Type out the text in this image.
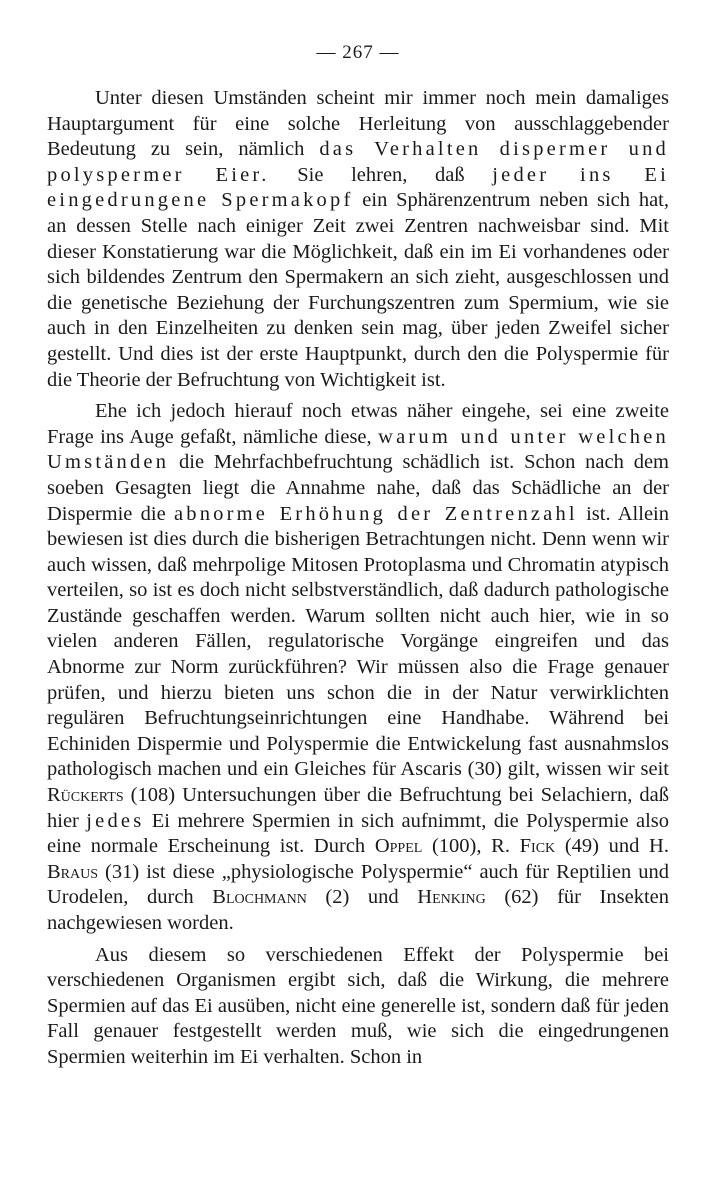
— 267 —

Unter diesen Umständen scheint mir immer noch mein damaliges Hauptargument für eine solche Herleitung von ausschlaggebender Bedeutung zu sein, nämlich das Verhalten dispermer und polyspermer Eier. Sie lehren, daß jeder ins Ei eingedrungene Spermakopf ein Sphärenzentrum neben sich hat, an dessen Stelle nach einiger Zeit zwei Zentren nachweisbar sind. Mit dieser Konstatierung war die Möglichkeit, daß ein im Ei vorhandenes oder sich bildendes Zentrum den Spermakern an sich zieht, ausgeschlossen und die genetische Beziehung der Furchungszentren zum Spermium, wie sie auch in den Einzelheiten zu denken sein mag, über jeden Zweifel sicher gestellt. Und dies ist der erste Hauptpunkt, durch den die Polyspermie für die Theorie der Befruchtung von Wichtigkeit ist.

Ehe ich jedoch hierauf noch etwas näher eingehe, sei eine zweite Frage ins Auge gefaßt, nämliche diese, warum und unter welchen Umständen die Mehrfachbefruchtung schädlich ist. Schon nach dem soeben Gesagten liegt die Annahme nahe, daß das Schädliche an der Dispermie die abnorme Erhöhung der Zentrenzahl ist. Allein bewiesen ist dies durch die bisherigen Betrachtungen nicht. Denn wenn wir auch wissen, daß mehrpolige Mitosen Protoplasma und Chromatin atypisch verteilen, so ist es doch nicht selbstverständlich, daß dadurch pathologische Zustände geschaffen werden. Warum sollten nicht auch hier, wie in so vielen anderen Fällen, regulatorische Vorgänge eingreifen und das Abnorme zur Norm zurückführen? Wir müssen also die Frage genauer prüfen, und hierzu bieten uns schon die in der Natur verwirklichten regulären Befruchtungseinrichtungen eine Handhabe. Während bei Echiniden Dispermie und Polyspermie die Entwickelung fast ausnahmslos pathologisch machen und ein Gleiches für Ascaris (30) gilt, wissen wir seit Rückerts (108) Untersuchungen über die Befruchtung bei Selachiern, daß hier jedes Ei mehrere Spermien in sich aufnimmt, die Polyspermie also eine normale Erscheinung ist. Durch Oppel (100), R. Fick (49) und H. Braus (31) ist diese „physiologische Polyspermie“ auch für Reptilien und Urodelen, durch Blochmann (2) und Henking (62) für Insekten nachgewiesen worden.

Aus diesem so verschiedenen Effekt der Polyspermie bei verschiedenen Organismen ergibt sich, daß die Wirkung, die mehrere Spermien auf das Ei ausüben, nicht eine generelle ist, sondern daß für jeden Fall genauer festgestellt werden muß, wie sich die eingedrungenen Spermien weiterhin im Ei verhalten. Schon in
